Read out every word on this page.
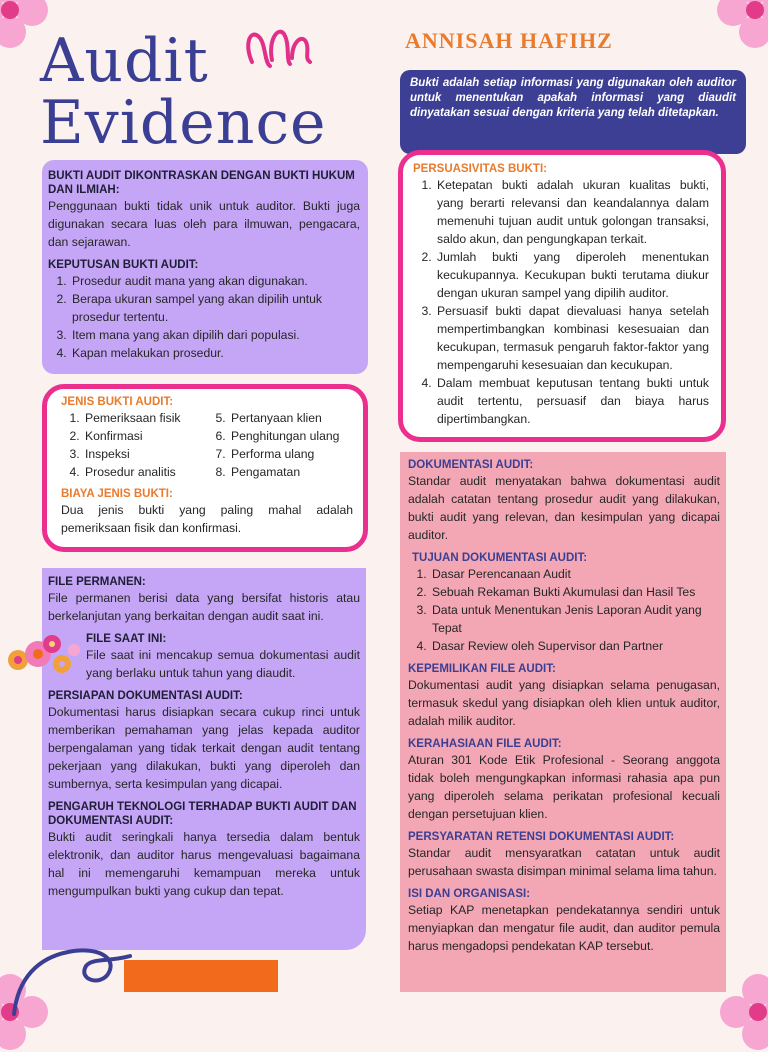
Audit
Evidence
ANNISAH HAFIHZ
Bukti adalah setiap informasi yang digunakan oleh auditor untuk menentukan apakah informasi yang diaudit dinyatakan sesuai dengan kriteria yang telah ditetapkan.
BUKTI AUDIT DIKONTRASKAN DENGAN BUKTI HUKUM DAN ILMIAH:

Penggunaan bukti tidak unik untuk auditor. Bukti juga digunakan secara luas oleh para ilmuwan, pengacara, dan sejarawan.

KEPUTUSAN BUKTI AUDIT:
1. Prosedur audit mana yang akan digunakan.
2. Berapa ukuran sampel yang akan dipilih untuk prosedur tertentu.
3. Item mana yang akan dipilih dari populasi.
4. Kapan melakukan prosedur.
JENIS BUKTI AUDIT:
1. Pemeriksaan fisik
2. Konfirmasi
3. Inspeksi
4. Prosedur analitis
5. Pertanyaan klien
6. Penghitungan ulang
7. Performa ulang
8. Pengamatan
BIAYA JENIS BUKTI:

Dua jenis bukti yang paling mahal adalah pemeriksaan fisik dan konfirmasi.

PERSUASIVITAS BUKTI:
1. Ketepatan bukti adalah ukuran kualitas bukti, yang berarti relevansi dan keandalannya dalam memenuhi tujuan audit untuk golongan transaksi, saldo akun, dan pengungkapan terkait.
2. Jumlah bukti yang diperoleh menentukan kecukupannya. Kecukupan bukti terutama diukur dengan ukuran sampel yang dipilih auditor.
3. Persuasif bukti dapat dievaluasi hanya setelah mempertimbangkan kombinasi kesesuaian dan kecukupan, termasuk pengaruh faktor-faktor yang mempengaruhi kesesuaian dan kecukupan.
4. Dalam membuat keputusan tentang bukti untuk audit tertentu, persuasif dan biaya harus dipertimbangkan.
FILE PERMANEN:

File permanen berisi data yang bersifat historis atau berkelanjutan yang berkaitan dengan audit saat ini.

FILE SAAT INI:

File saat ini mencakup semua dokumentasi audit yang berlaku untuk tahun yang diaudit.

PERSIAPAN DOKUMENTASI AUDIT:

Dokumentasi harus disiapkan secara cukup rinci untuk memberikan pemahaman yang jelas kepada auditor berpengalaman yang tidak terkait dengan audit tentang pekerjaan yang dilakukan, bukti yang diperoleh dan sumbernya, serta kesimpulan yang dicapai.

PENGARUH TEKNOLOGI TERHADAP BUKTI AUDIT DAN DOKUMENTASI AUDIT:

Bukti audit seringkali hanya tersedia dalam bentuk elektronik, dan auditor harus mengevaluasi bagaimana hal ini memengaruhi kemampuan mereka untuk mengumpulkan bukti yang cukup dan tepat.

DOKUMENTASI AUDIT:

Standar audit menyatakan bahwa dokumentasi audit adalah catatan tentang prosedur audit yang dilakukan, bukti audit yang relevan, dan kesimpulan yang dicapai auditor.

TUJUAN DOKUMENTASI AUDIT:
1. Dasar Perencanaan Audit
2. Sebuah Rekaman Bukti Akumulasi dan Hasil Tes
3. Data untuk Menentukan Jenis Laporan Audit yang Tepat
4. Dasar Review oleh Supervisor dan Partner
KEPEMILIKAN FILE AUDIT:

Dokumentasi audit yang disiapkan selama penugasan, termasuk skedul yang disiapkan oleh klien untuk auditor, adalah milik auditor.

KERAHASIAAN FILE AUDIT:

Aturan 301 Kode Etik Profesional - Seorang anggota tidak boleh mengungkapkan informasi rahasia apa pun yang diperoleh selama perikatan profesional kecuali dengan persetujuan klien.

PERSYARATAN RETENSI DOKUMENTASI AUDIT:

Standar audit mensyaratkan catatan untuk audit perusahaan swasta disimpan minimal selama lima tahun.

ISI DAN ORGANISASI:

Setiap KAP menetapkan pendekatannya sendiri untuk menyiapkan dan mengatur file audit, dan auditor pemula harus mengadopsi pendekatan KAP tersebut.
